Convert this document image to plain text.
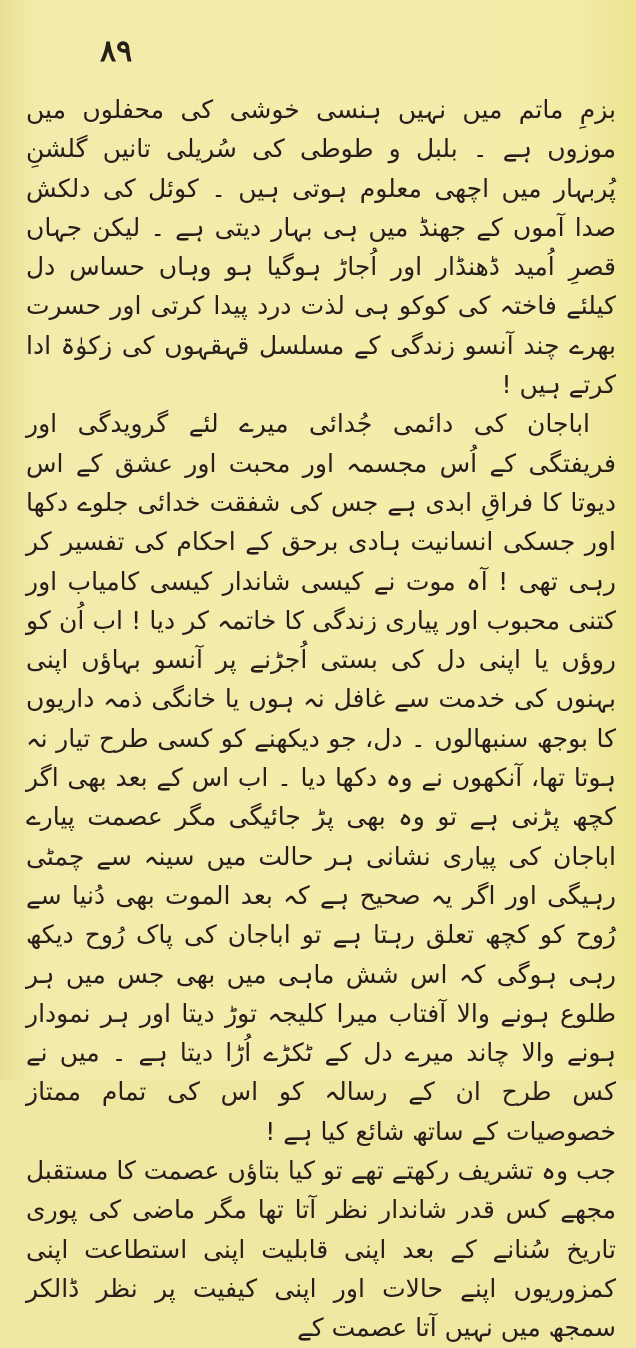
۸۹

بزمِ ماتم میں نہیں ہنسی خوشی کی محفلوں میں موزوں ہے ۔ بلبل و طوطی کی سُریلی تانیں گلشنِ پُربہار میں اچھی معلوم ہوتی ہیں ۔ کوئل کی دلکش صدا آموں کے جھنڈ میں ہی بہار دیتی ہے ۔ لیکن جہاں قصرِ اُمید ڈھنڈار اور اُجاڑ ہوگیا ہو وہاں حساس دل کیلئے فاختہ کی کوکو ہی لذت درد پیدا کرتی اور حسرت بھرے چند آنسو زندگی کے مسلسل قہقہوں کی زکوٰۃ ادا کرتے ہیں !

اباجان کی دائمی جُدائی میرے لئے گرویدگی اور فریفتگی کے اُس مجسمہ اور محبت اور عشق کے اس دیوتا کا فراقِ ابدی ہے جس کی شفقت خدائی جلوے دکھا اور جسکی انسانیت ہادی برحق کے احکام کی تفسیر کر رہی تھی ! آہ موت نے کیسی شاندار کیسی کامیاب اور کتنی محبوب اور پیاری زندگی کا خاتمہ کر دیا ! اب اُن کو روؤں یا اپنی دل کی بستی اُجڑنے پر آنسو بہاؤں اپنی بہنوں کی خدمت سے غافل نہ ہوں یا خانگی ذمہ داریوں کا بوجھ سنبھالوں ۔ دل، جو دیکھنے کو کسی طرح تیار نہ ہوتا تھا، آنکھوں نے وہ دکھا دیا ۔ اب اس کے بعد بھی اگر کچھ پڑنی ہے تو وہ بھی پڑ جائیگی مگر عصمت پیارے اباجان کی پیاری نشانی ہر حالت میں سینہ سے چمٹی رہیگی اور اگر یہ صحیح ہے کہ بعد الموت بھی دُنیا سے رُوح کو کچھ تعلق رہتا ہے تو اباجان کی پاک رُوح دیکھ رہی ہوگی کہ اس شش ماہی میں بھی جس میں ہر طلوع ہونے والا آفتاب میرا کلیجہ توڑ دیتا اور ہر نمودار ہونے والا چاند میرے دل کے ٹکڑے اُڑا دیتا ہے ۔ میں نے کس طرح ان کے رسالہ کو اس کی تمام ممتاز خصوصیات کے ساتھ شائع کیا ہے !

جب وہ تشریف رکھتے تھے تو کیا بتاؤں عصمت کا مستقبل مجھے کس قدر شاندار نظر آتا تھا مگر ماضی کی پوری تاریخ سُنانے کے بعد اپنی قابلیت اپنی استطاعت اپنی کمزوریوں اپنے حالات اور اپنی کیفیت پر نظر ڈالکر سمجھ میں نہیں آتا عصمت کے
